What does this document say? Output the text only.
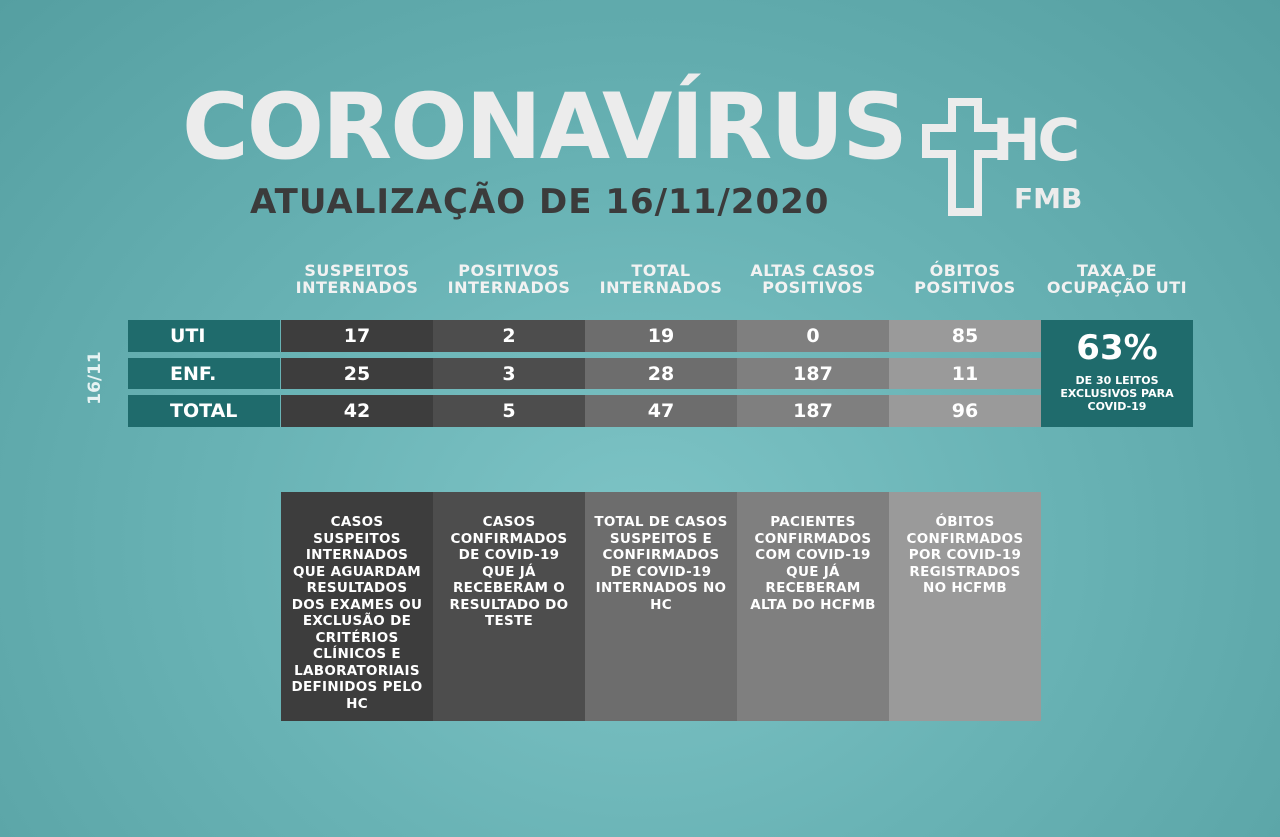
CORONAVÍRUS
ATUALIZAÇÃO DE 16/11/2020
HC
FMB
16/11
SUSPEITOS INTERNADOS
POSITIVOS INTERNADOS
TOTAL INTERNADOS
ALTAS CASOS POSITIVOS
ÓBITOS POSITIVOS
TAXA DE OCUPAÇÃO UTI
UTI	17	2	19	0	85
ENF.	25	3	28	187	11
TOTAL	42	5	47	187	96
63%
DE 30 LEITOS EXCLUSIVOS PARA COVID-19
CASOS SUSPEITOS INTERNADOS QUE AGUARDAM RESULTADOS DOS EXAMES OU EXCLUSÃO DE CRITÉRIOS CLÍNICOS E LABORATORIAIS DEFINIDOS PELO HC
CASOS CONFIRMADOS DE COVID-19 QUE JÁ RECEBERAM O RESULTADO DO TESTE
TOTAL DE CASOS SUSPEITOS E CONFIRMADOS DE COVID-19 INTERNADOS NO HC
PACIENTES CONFIRMADOS COM COVID-19 QUE JÁ RECEBERAM ALTA DO HCFMB
ÓBITOS CONFIRMADOS POR COVID-19 REGISTRADOS NO HCFMB
